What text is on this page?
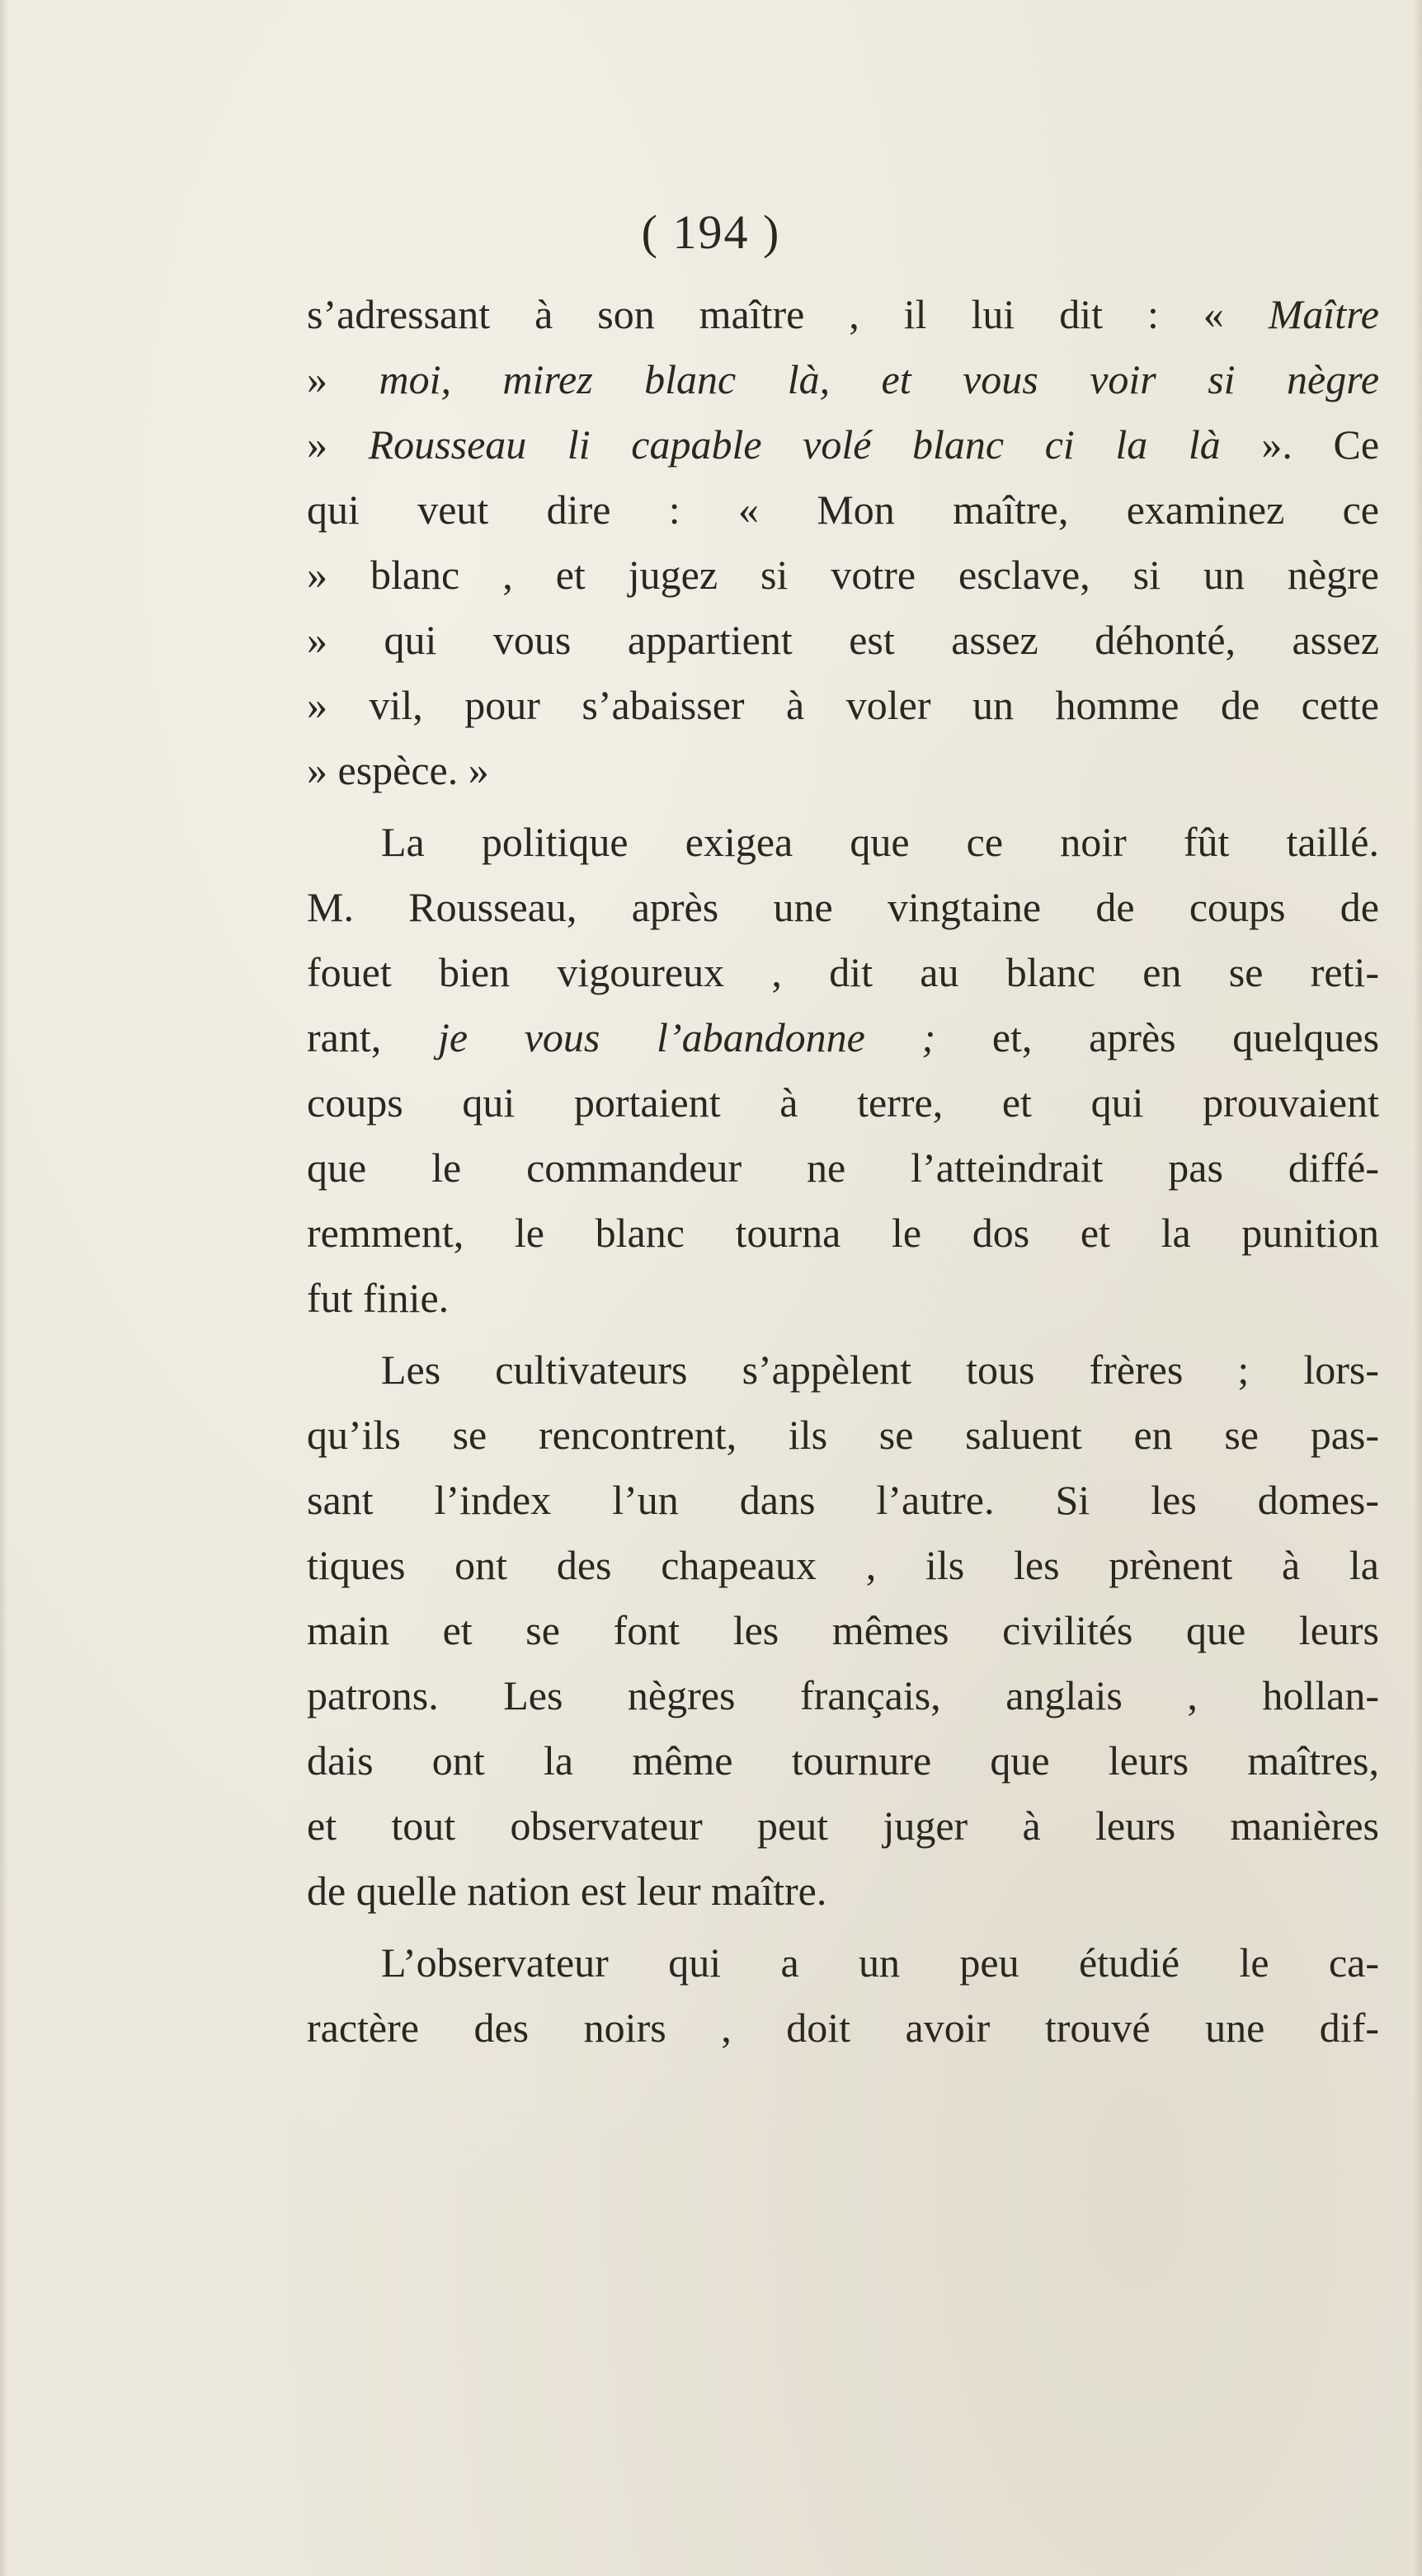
( 194 )
s’adressant à son maître , il lui dit : « Maître
» moi, mirez blanc là, et vous voir si nègre
» Rousseau li capable volé blanc ci la là ». Ce
qui veut dire : « Mon maître, examinez ce
» blanc , et jugez si votre esclave, si un nègre
» qui vous appartient est assez déhonté, assez
» vil, pour s’abaisser à voler un homme de cette
» espèce. »
La politique exigea que ce noir fût taillé.
M. Rousseau, après une vingtaine de coups de
fouet bien vigoureux , dit au blanc en se reti-
rant, je vous l’abandonne ; et, après quelques
coups qui portaient à terre, et qui prouvaient
que le commandeur ne l’atteindrait pas diffé-
remment, le blanc tourna le dos et la punition
fut finie.
Les cultivateurs s’appèlent tous frères ; lors-
qu’ils se rencontrent, ils se saluent en se pas-
sant l’index l’un dans l’autre. Si les domes-
tiques ont des chapeaux , ils les prènent à la
main et se font les mêmes civilités que leurs
patrons. Les nègres français, anglais , hollan-
dais ont la même tournure que leurs maîtres,
et tout observateur peut juger à leurs manières
de quelle nation est leur maître.
L’observateur qui a un peu étudié le ca-
ractère des noirs , doit avoir trouvé une dif-
